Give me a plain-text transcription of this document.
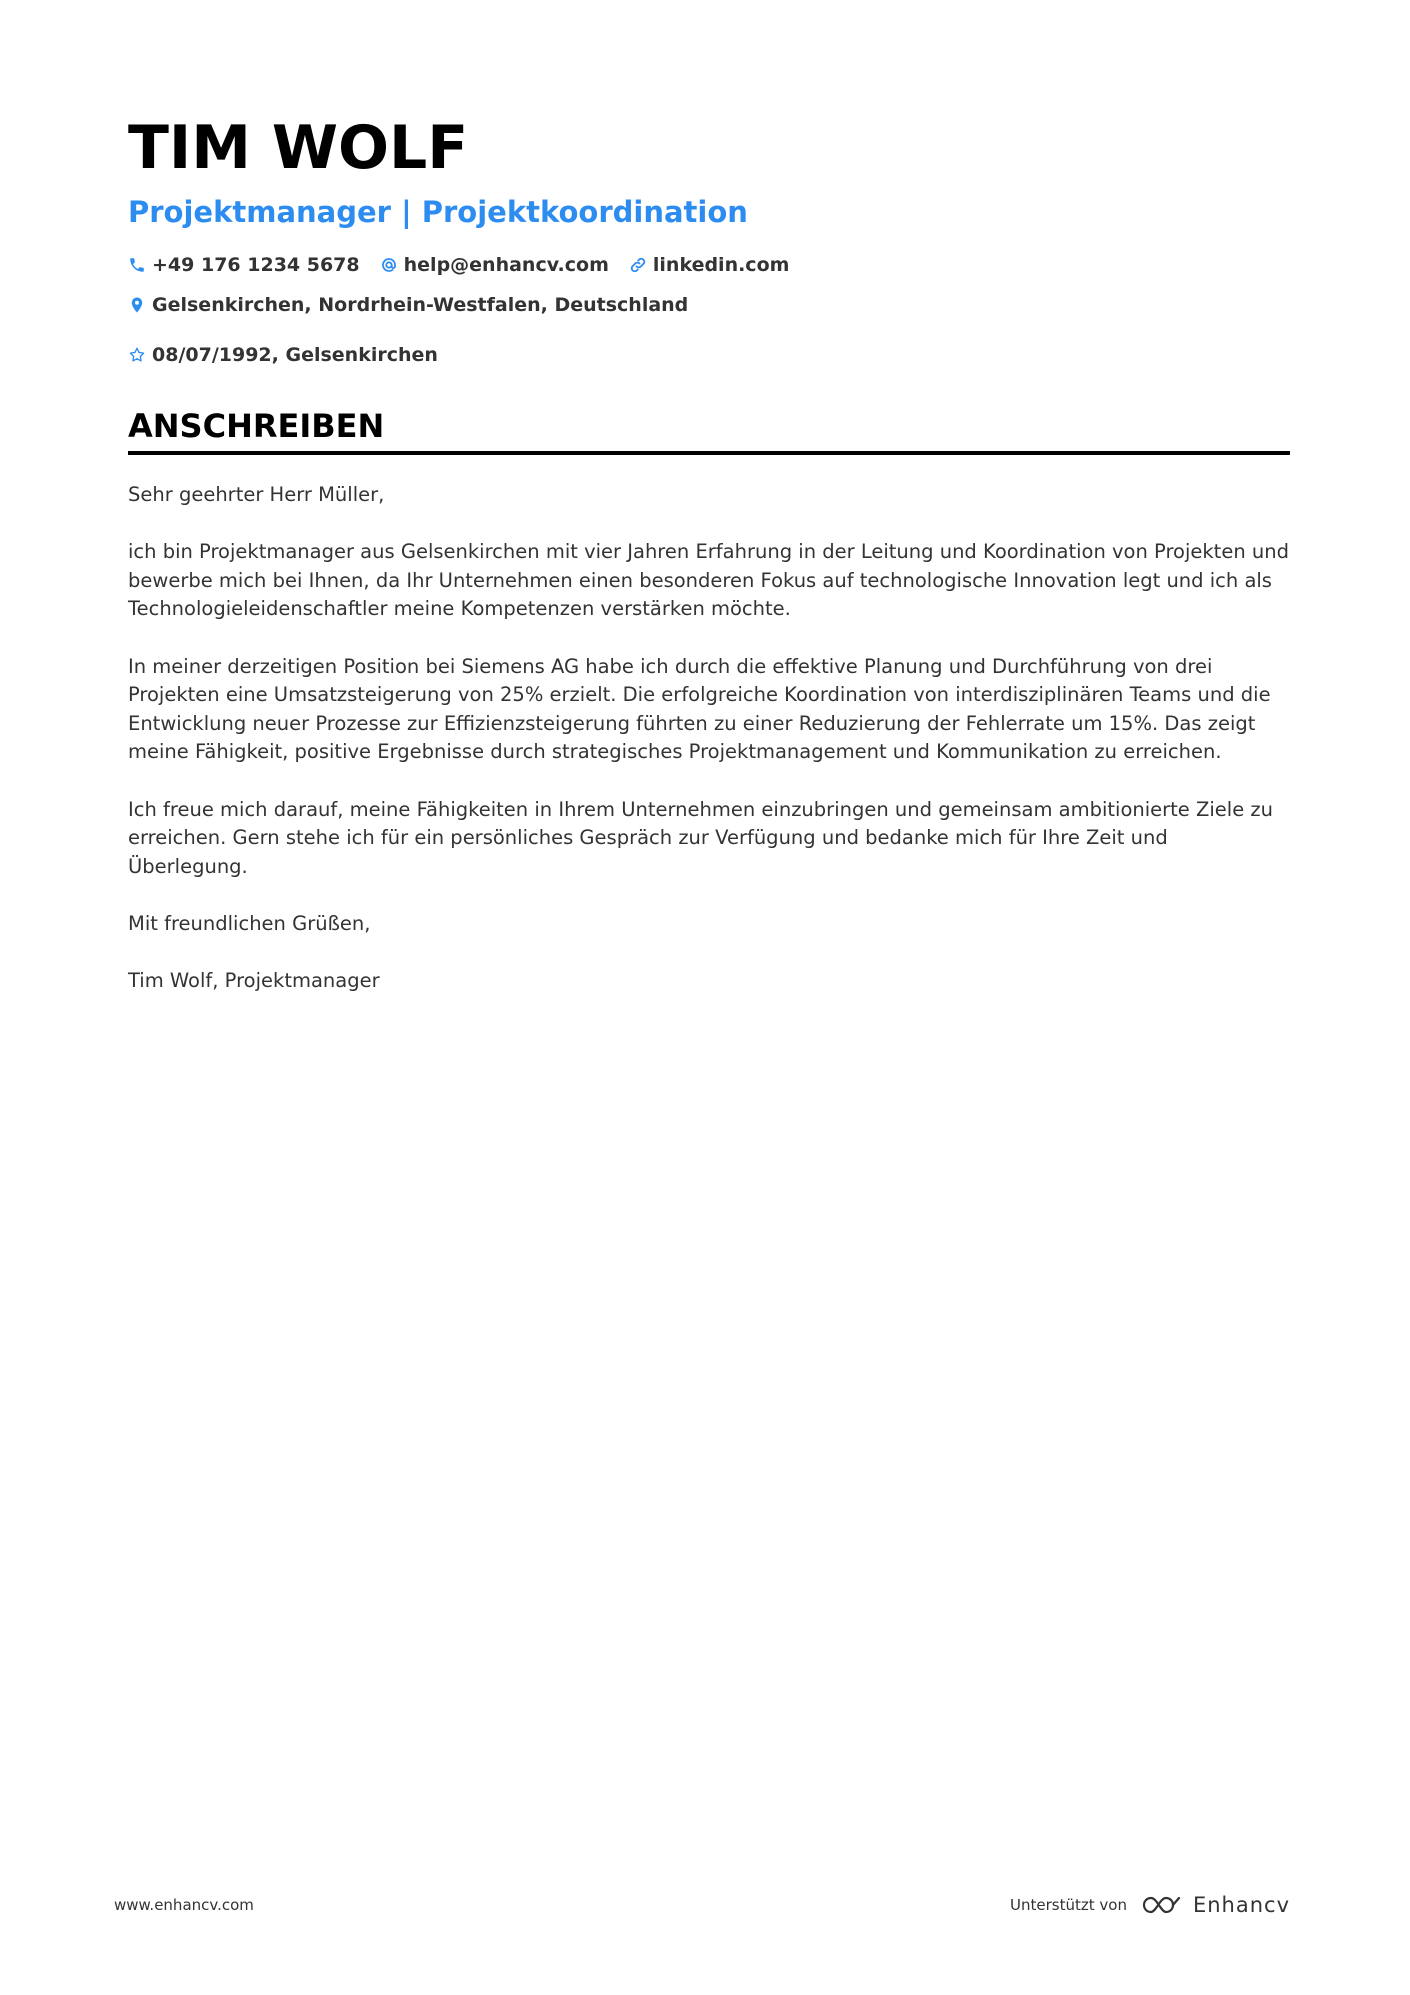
TIM WOLF
Projektmanager | Projektkoordination
+49 176 1234 5678 help@enhancv.com linkedin.com
Gelsenkirchen, Nordrhein-Westfalen, Deutschland
08/07/1992, Gelsenkirchen
ANSCHREIBEN

Sehr geehrter Herr Müller,

ich bin Projektmanager aus Gelsenkirchen mit vier Jahren Erfahrung in der Leitung und Koordination von Projekten und bewerbe mich bei Ihnen, da Ihr Unternehmen einen besonderen Fokus auf technologische Innovation legt und ich als Technologieleidenschaftler meine Kompetenzen verstärken möchte.

In meiner derzeitigen Position bei Siemens AG habe ich durch die effektive Planung und Durchführung von drei Projekten eine Umsatzsteigerung von 25% erzielt. Die erfolgreiche Koordination von interdisziplinären Teams und die Entwicklung neuer Prozesse zur Effizienzsteigerung führten zu einer Reduzierung der Fehlerrate um 15%. Das zeigt meine Fähigkeit, positive Ergebnisse durch strategisches Projektmanagement und Kommunikation zu erreichen.

Ich freue mich darauf, meine Fähigkeiten in Ihrem Unternehmen einzubringen und gemeinsam ambitionierte Ziele zu erreichen. Gern stehe ich für ein persönliches Gespräch zur Verfügung und bedanke mich für Ihre Zeit und Überlegung.

Mit freundlichen Grüßen,

Tim Wolf, Projektmanager

www.enhancv.com	Unterstützt von	Enhancv
